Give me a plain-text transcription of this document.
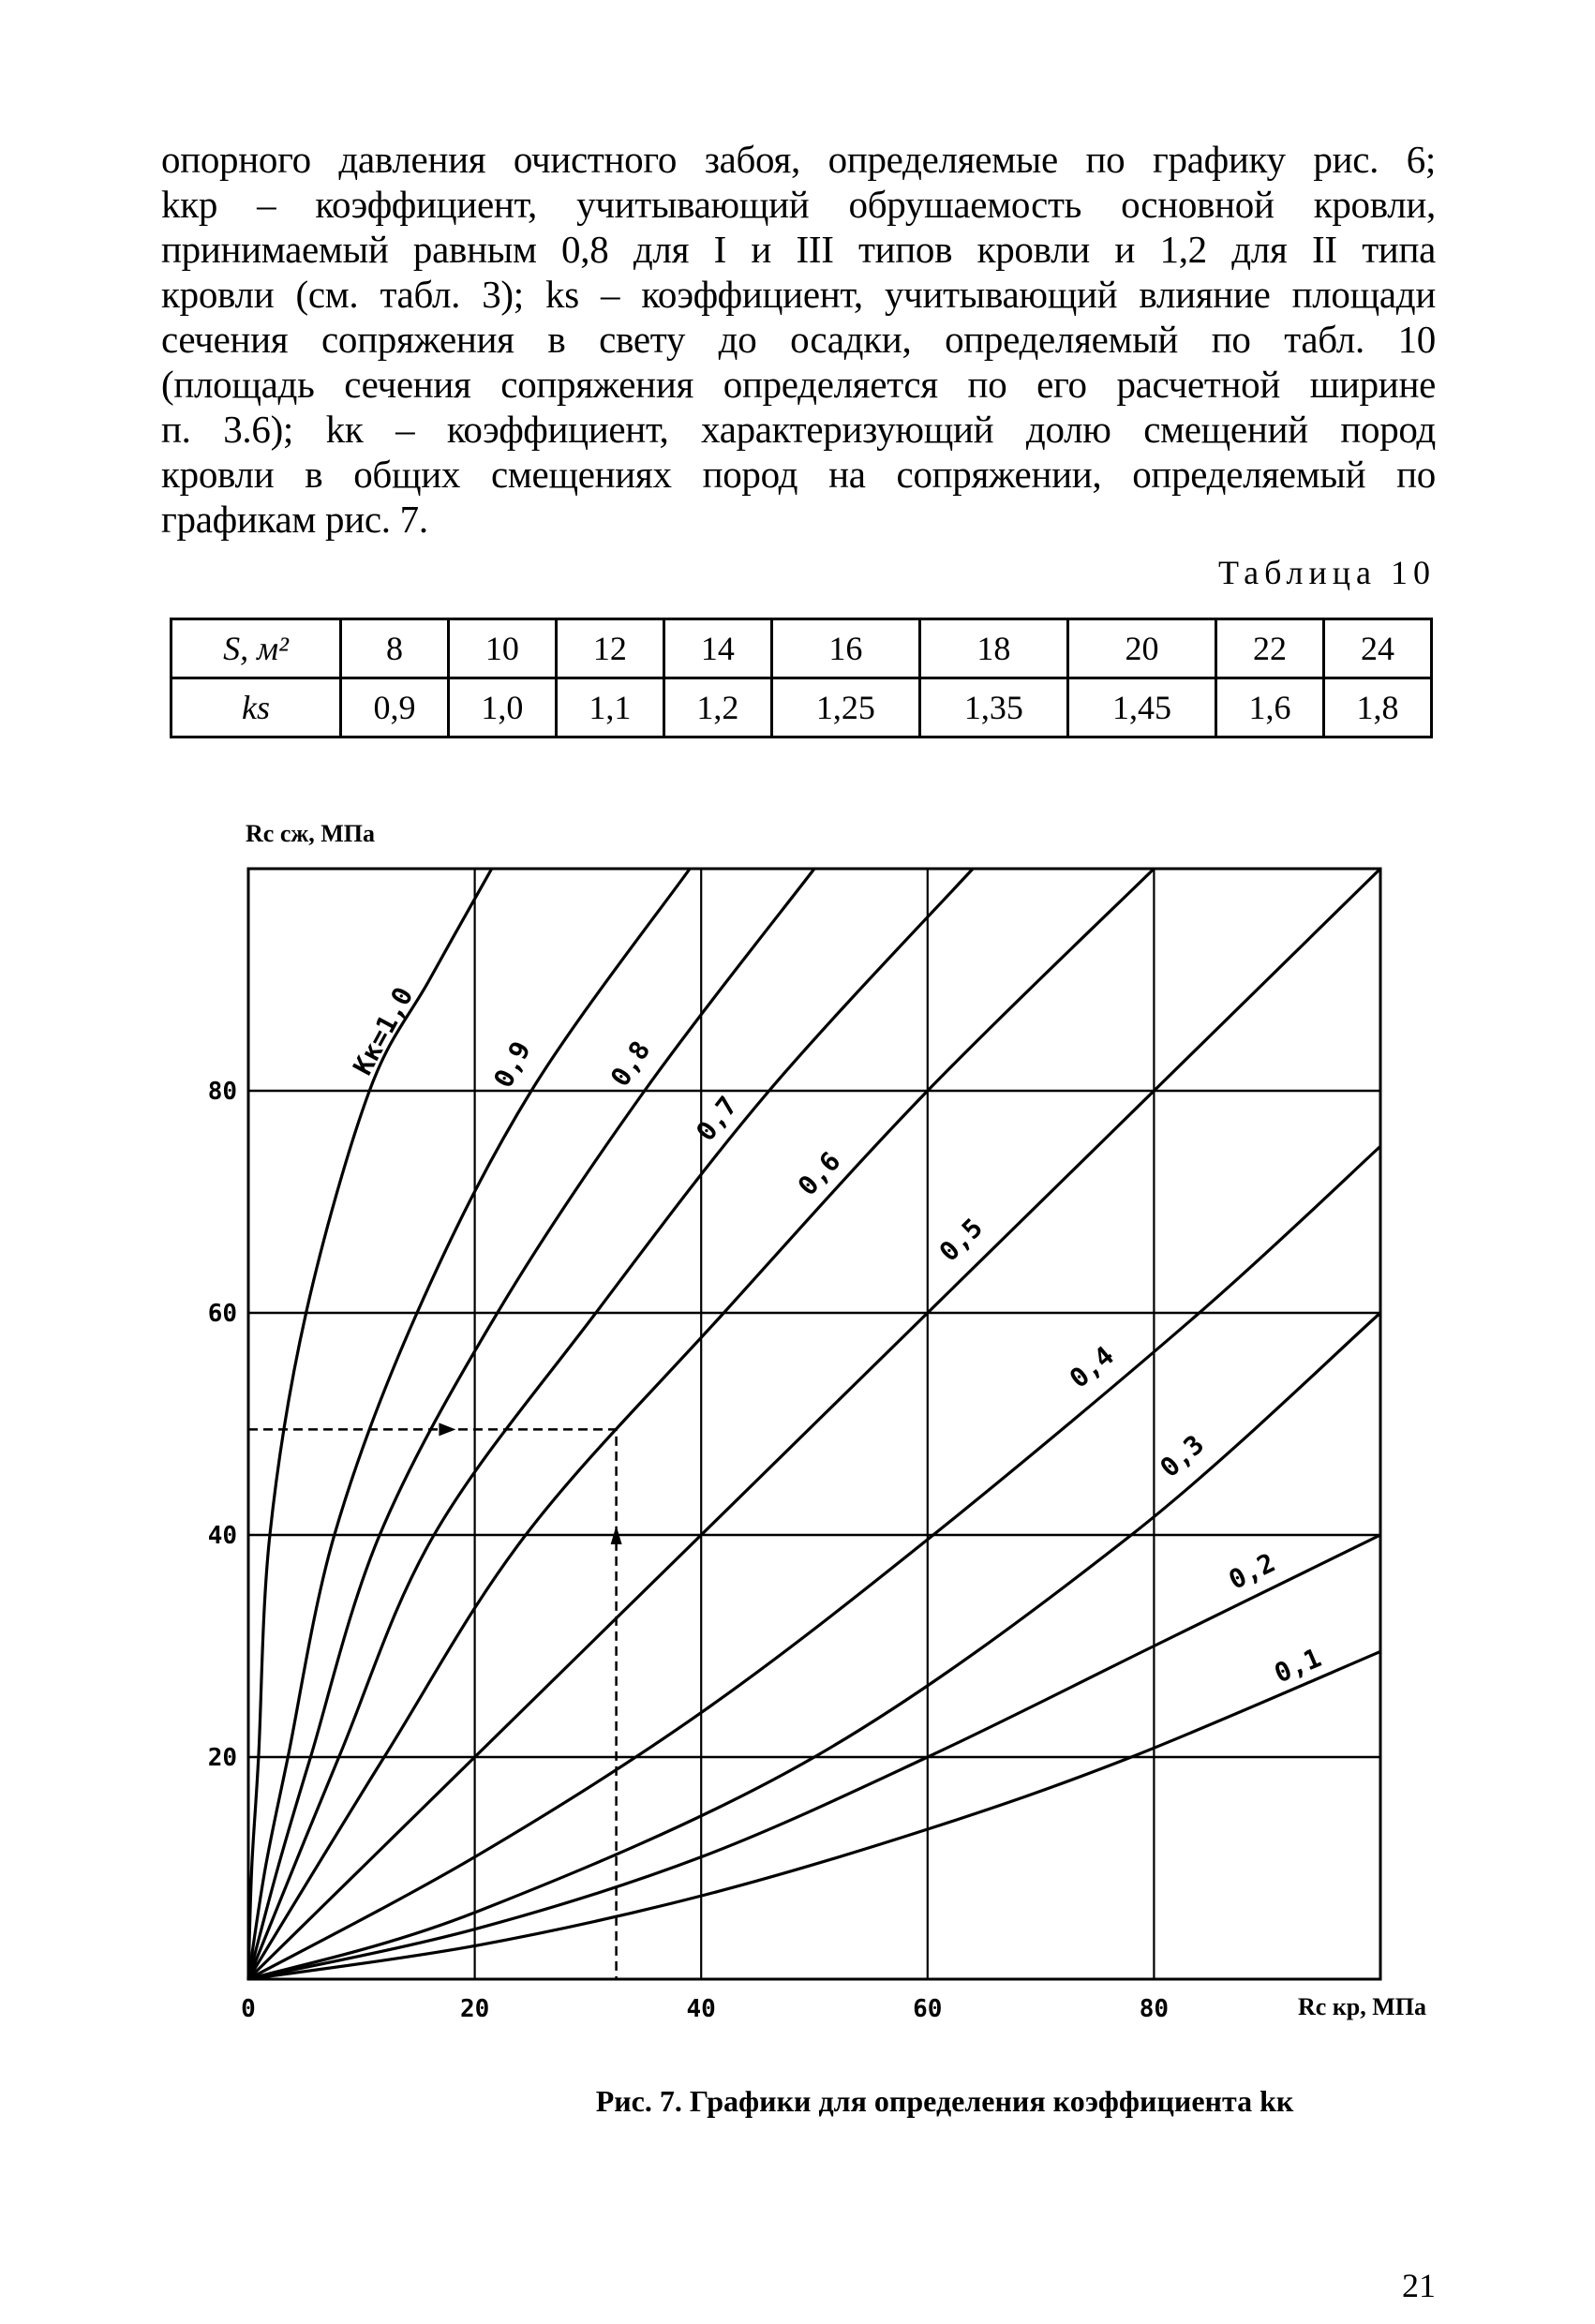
опорного давления очистного забоя, определяемые по графику рис. 6;
kкр – коэффициент, учитывающий обрушаемость основной кровли,
принимаемый равным 0,8 для I и III типов кровли и 1,2 для II типа
кровли (см. табл. 3); ks – коэффициент, учитывающий влияние площади
сечения сопряжения в свету до осадки, определяемый по табл. 10
(площадь сечения сопряжения определяется по его расчетной ширине
п. 3.6); kк – коэффициент, характеризующий долю смещений пород
кровли в общих смещениях пород на сопряжении, определяемый по
графикам рис. 7.
Таблица 10
S, м²	8	10	12	14	16	18	20	22	24
ks	0,9	1,0	1,1	1,2	1,25	1,35	1,45	1,6	1,8
Kк=1,0	0,9	0,8
0,7
0,6
0,5
0,4
0,3
0,2
0,1
0	20	40	60	80
20
40
60
80
Rс сж, МПа
Rс кр, МПа
Рис. 7. Графики для определения коэффициента kк
21
